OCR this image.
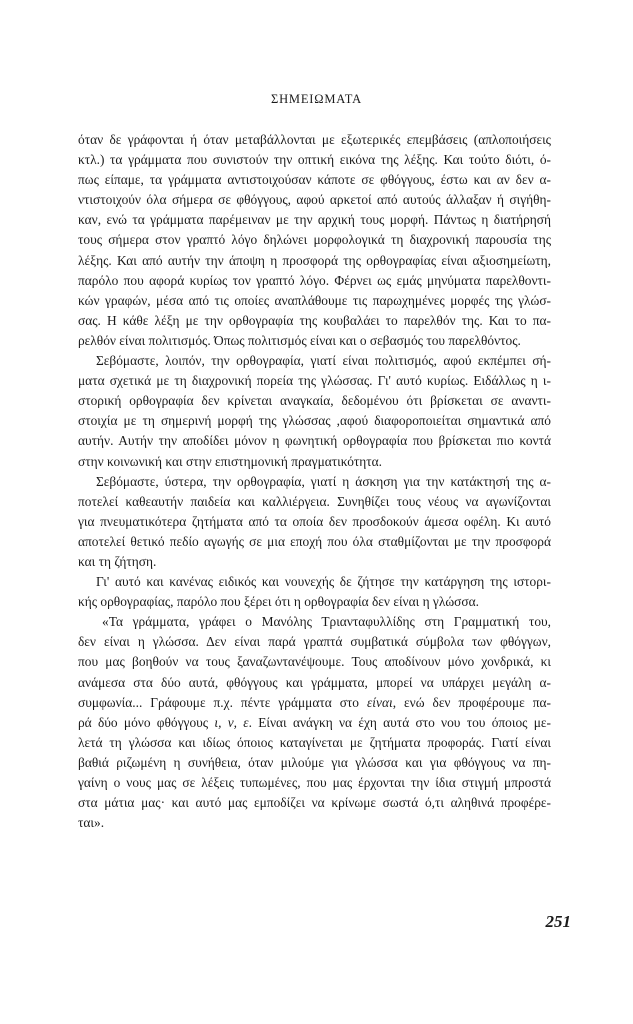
ΣΗΜΕΙΩΜΑΤΑ

όταν δε γράφονται ή όταν μεταβάλλονται με εξωτερικές επεμβάσεις (απλοποιήσεις
κτλ.) τα γράμματα που συνιστούν την οπτική εικόνα της λέξης. Και τούτο διότι, ό-
πως είπαμε, τα γράμματα αντιστοιχούσαν κάποτε σε φθόγγους, έστω και αν δεν α-
ντιστοιχούν όλα σήμερα σε φθόγγους, αφού αρκετοί από αυτούς άλλαξαν ή σιγήθη-
καν, ενώ τα γράμματα παρέμειναν με την αρχική τους μορφή. Πάντως η διατήρησή
τους σήμερα στον γραπτό λόγο δηλώνει μορφολογικά τη διαχρονική παρουσία της
λέξης. Και από αυτήν την άποψη η προσφορά της ορθογραφίας είναι αξιοσημείωτη,
παρόλο που αφορά κυρίως τον γραπτό λόγο. Φέρνει ως εμάς μηνύματα παρελθοντι-
κών γραφών, μέσα από τις οποίες αναπλάθουμε τις παρωχημένες μορφές της γλώσ-
σας. Η κάθε λέξη με την ορθογραφία της κουβαλάει το παρελθόν της. Και το πα-
ρελθόν είναι πολιτισμός. Όπως πολιτισμός είναι και ο σεβασμός του παρελθόντος.

Σεβόμαστε, λοιπόν, την ορθογραφία, γιατί είναι πολιτισμός, αφού εκπέμπει σή-
ματα σχετικά με τη διαχρονική πορεία της γλώσσας. Γι' αυτό κυρίως. Ειδάλλως η ι-
στορική ορθογραφία δεν κρίνεται αναγκαία, δεδομένου ότι βρίσκεται σε αναντι-
στοιχία με τη σημερινή μορφή της γλώσσας ,αφού διαφοροποιείται σημαντικά από
αυτήν. Αυτήν την αποδίδει μόνον η φωνητική ορθογραφία που βρίσκεται πιο κοντά
στην κοινωνική και στην επιστημονική πραγματικότητα.

Σεβόμαστε, ύστερα, την ορθογραφία, γιατί η άσκηση για την κατάκτησή της α-
ποτελεί καθεαυτήν παιδεία και καλλιέργεια. Συνηθίζει τους νέους να αγωνίζονται
για πνευματικότερα ζητήματα από τα οποία δεν προσδοκούν άμεσα οφέλη. Κι αυτό
αποτελεί θετικό πεδίο αγωγής σε μια εποχή που όλα σταθμίζονται με την προσφορά
και τη ζήτηση.

Γι' αυτό και κανένας ειδικός και νουνεχής δε ζήτησε την κατάργηση της ιστορι-
κής ορθογραφίας, παρόλο που ξέρει ότι η ορθογραφία δεν είναι η γλώσσα.

«Τα γράμματα, γράφει ο Μανόλης Τριανταφυλλίδης στη Γραμματική του,
δεν είναι η γλώσσα. Δεν είναι παρά γραπτά συμβατικά σύμβολα των φθόγγων,
που μας βοηθούν να τους ξαναζωντανέψουμε. Τους αποδίνουν μόνο χονδρικά, κι
ανάμεσα στα δύο αυτά, φθόγγους και γράμματα, μπορεί να υπάρχει μεγάλη α-
συμφωνία... Γράφουμε π.χ. πέντε γράμματα στο είναι, ενώ δεν προφέρουμε πα-
ρά δύο μόνο φθόγγους ι, ν, ε. Είναι ανάγκη να έχη αυτά στο νου του όποιος με-
λετά τη γλώσσα και ιδίως όποιος καταγίνεται με ζητήματα προφοράς. Γιατί είναι
βαθιά ριζωμένη η συνήθεια, όταν μιλούμε για γλώσσα και για φθόγγους να πη-
γαίνη ο νους μας σε λέξεις τυπωμένες, που μας έρχονται την ίδια στιγμή μπροστά
στα μάτια μας· και αυτό μας εμποδίζει να κρίνωμε σωστά ό,τι αληθινά προφέρε-
ται».
251
